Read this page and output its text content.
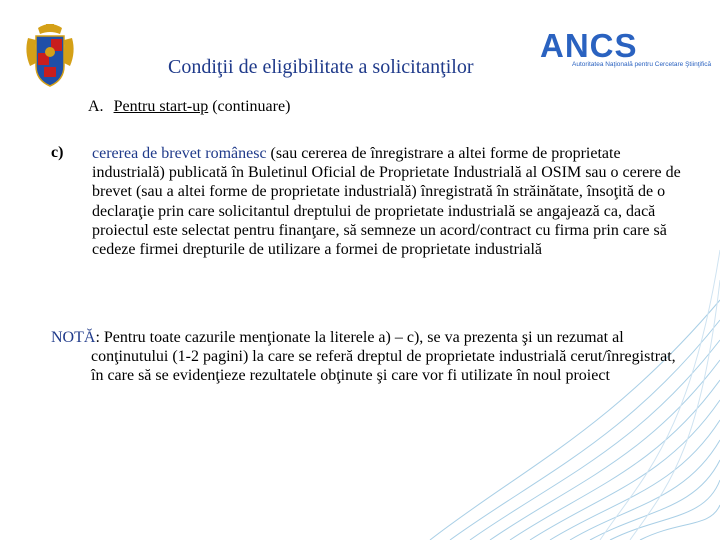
Condiţii de eligibilitate a solicitanţilor
ANCS
Autoritatea Naţională pentru Cercetare Ştiinţifică
A. Pentru start-up (continuare)
c) cererea de brevet românesc (sau cererea de înregistrare a altei forme de proprietate industrială) publicată în Buletinul Oficial de Proprietate Industrială al OSIM sau o cerere de brevet (sau a altei forme de proprietate industrială) înregistrată în străinătate, însoţită de o declaraţie prin care solicitantul dreptului de proprietate industrială se angajează ca, dacă proiectul este selectat pentru finanţare, să semneze un acord/contract cu firma prin care să cedeze firmei drepturile de utilizare a formei de proprietate industrială
NOTĂ: Pentru toate cazurile menţionate la literele a) – c), se va prezenta şi un rezumat al conţinutului (1-2 pagini) la care se referă dreptul de proprietate industrială cerut/înregistrat, în care să se evidenţieze rezultatele obţinute şi care vor fi utilizate în noul proiect
